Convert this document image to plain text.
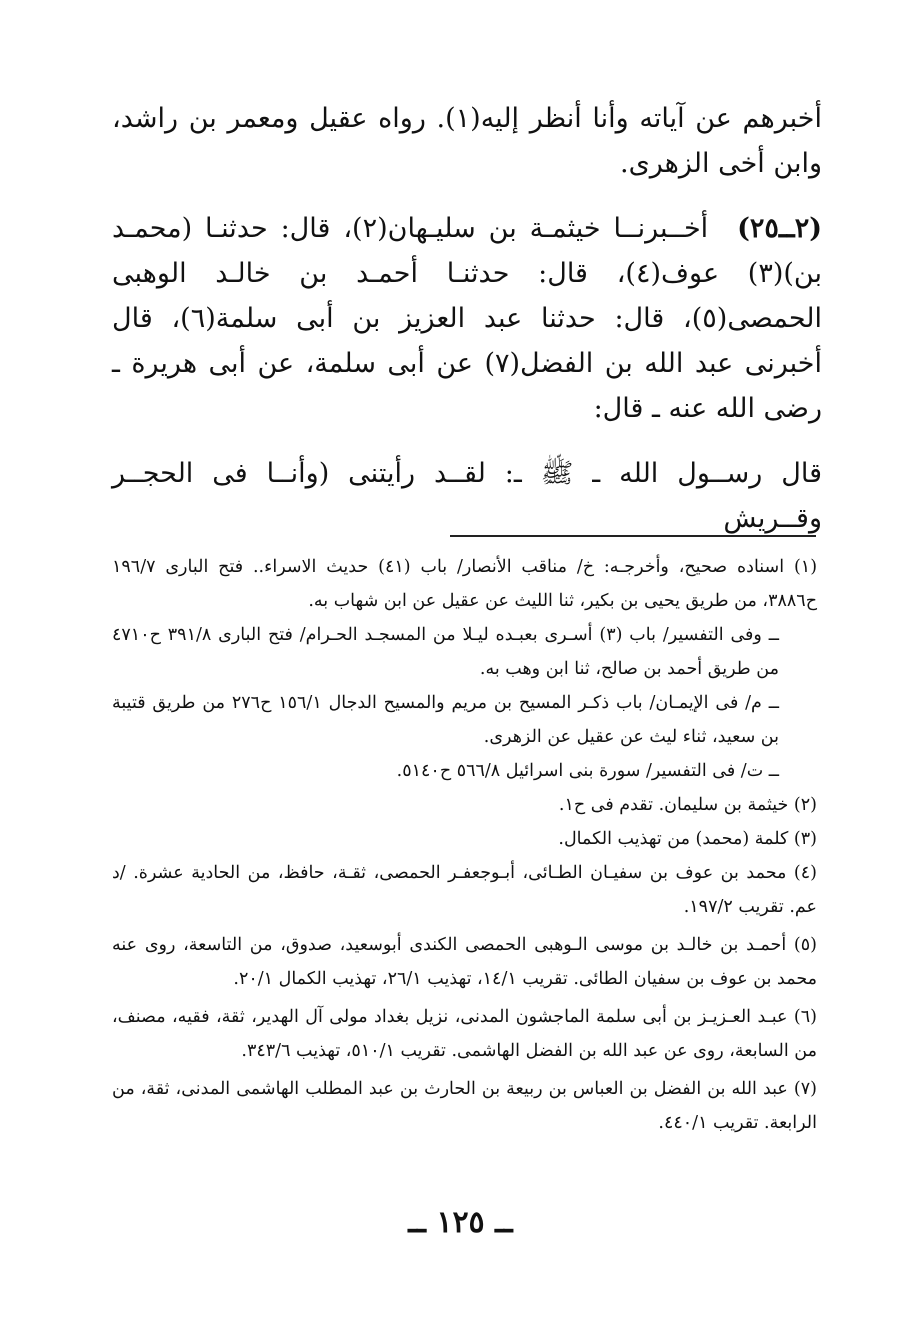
أخبرهم عن آياته وأنا أنظر إليه(١). رواه عقيل ومعمر بن راشد، وابن أخى الزهرى.

(٢ــ٢٥) أخــبرنــا خيثمـة بن سليـهان(٢)، قال: حدثنـا (محمـد بن)(٣) عوف(٤)، قال: حدثنـا أحمـد بن خالـد الوهبى الحمصى(٥)، قال: حدثنا عبد العزيز بن أبى سلمة(٦)، قال أخبرنى عبد الله بن الفضل(٧) عن أبى سلمة، عن أبى هريرة ـ رضى الله عنه ـ قال:

قال رســول الله ـ ﷺ ـ: لقــد رأيتنى (وأنــا فى الحجــر وقــريش

(١) اسناده صحيح، وأخرجـه: خ/ مناقب الأنصار/ باب (٤١) حديث الاسراء.. فتح البارى ١٩٦/٧ ح٣٨٨٦، من طريق يحيى بن بكير، ثنا الليث عن عقيل عن ابن شهاب به.

ــ وفى التفسير/ باب (٣) أسـرى بعبـده ليـلا من المسجـد الحـرام/ فتح البارى ٣٩١/٨ ح٤٧١٠ من طريق أحمد بن صالح، ثنا ابن وهب به.

ــ م/ فى الإيمـان/ باب ذكـر المسيح بن مريم والمسيح الدجال ١٥٦/١ ح٢٧٦ من طريق قتيبة بن سعيد، ثناء ليث عن عقيل عن الزهرى.

ــ ت/ فى التفسير/ سورة بنى اسرائيل ٥٦٦/٨ ح٥١٤٠.

(٢) خيثمة بن سليمان. تقدم فى ح١.

(٣) كلمة (محمد) من تهذيب الكمال.

(٤) محمد بن عوف بن سفيـان الطـائى، أبـوجعفـر الحمصى، ثقـة، حافظ، من الحادية عشرة. /د عم. تقريب ١٩٧/٢.

(٥) أحمـد بن خالـد بن موسى الـوهبى الحمصى الكندى أبوسعيد، صدوق، من التاسعة، روى عنه محمد بن عوف بن سفيان الطائى. تقريب ١٤/١، تهذيب ٢٦/١، تهذيب الكمال ٢٠/١.

(٦) عبـد العـزيـز بن أبى سلمة الماجشون المدنى، نزيل بغداد مولى آل الهدير، ثقة، فقيه، مصنف، من السابعة، روى عن عبد الله بن الفضل الهاشمى. تقريب ٥١٠/١، تهذيب ٣٤٣/٦.

(٧) عبد الله بن الفضل بن العباس بن ربيعة بن الحارث بن عبد المطلب الهاشمى المدنى، ثقة، من الرابعة. تقريب ٤٤٠/١.

ــ ١٢٥ ــ
